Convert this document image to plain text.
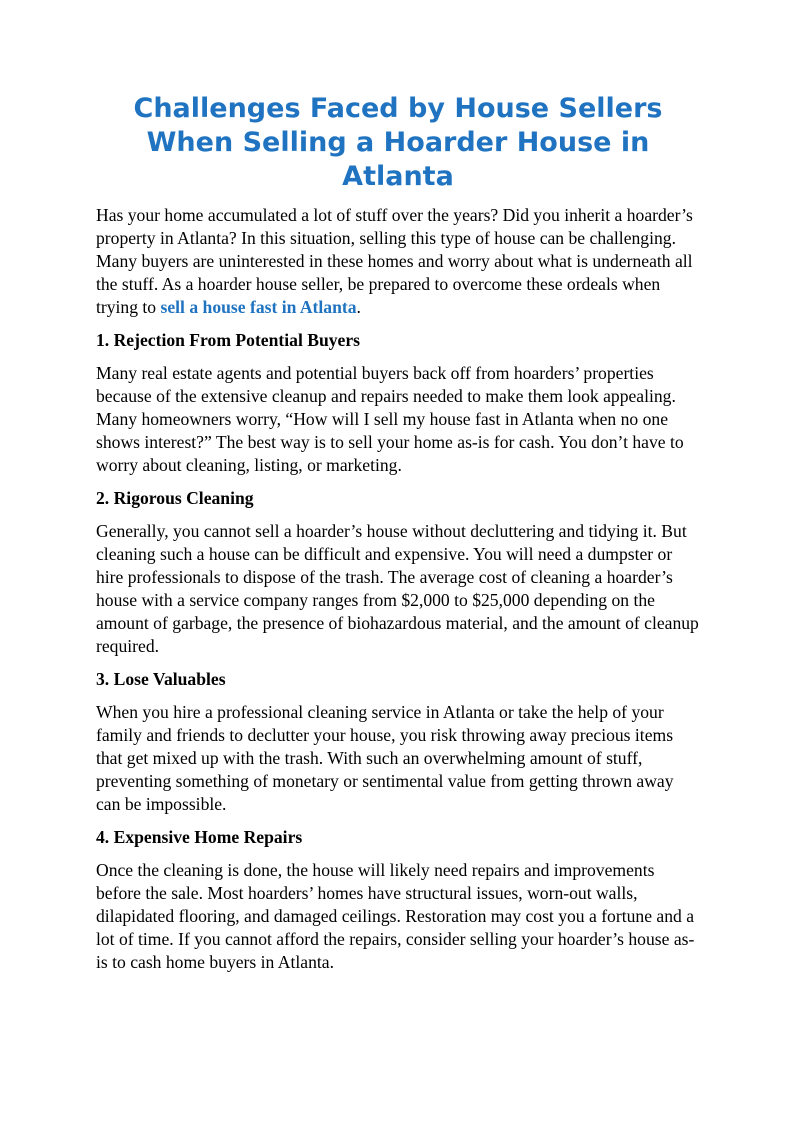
Challenges Faced by House Sellers When Selling a Hoarder House in Atlanta

Has your home accumulated a lot of stuff over the years? Did you inherit a hoarder’s property in Atlanta? In this situation, selling this type of house can be challenging. Many buyers are uninterested in these homes and worry about what is underneath all the stuff. As a hoarder house seller, be prepared to overcome these ordeals when trying to sell a house fast in Atlanta.

1. Rejection From Potential Buyers

Many real estate agents and potential buyers back off from hoarders’ properties because of the extensive cleanup and repairs needed to make them look appealing. Many homeowners worry, “How will I sell my house fast in Atlanta when no one shows interest?” The best way is to sell your home as-is for cash. You don’t have to worry about cleaning, listing, or marketing.

2. Rigorous Cleaning

Generally, you cannot sell a hoarder’s house without decluttering and tidying it. But cleaning such a house can be difficult and expensive. You will need a dumpster or hire professionals to dispose of the trash. The average cost of cleaning a hoarder’s house with a service company ranges from $2,000 to $25,000 depending on the amount of garbage, the presence of biohazardous material, and the amount of cleanup required.

3. Lose Valuables

When you hire a professional cleaning service in Atlanta or take the help of your family and friends to declutter your house, you risk throwing away precious items that get mixed up with the trash. With such an overwhelming amount of stuff, preventing something of monetary or sentimental value from getting thrown away can be impossible.

4. Expensive Home Repairs

Once the cleaning is done, the house will likely need repairs and improvements before the sale. Most hoarders’ homes have structural issues, worn-out walls, dilapidated flooring, and damaged ceilings. Restoration may cost you a fortune and a lot of time. If you cannot afford the repairs, consider selling your hoarder’s house as-is to cash home buyers in Atlanta.
